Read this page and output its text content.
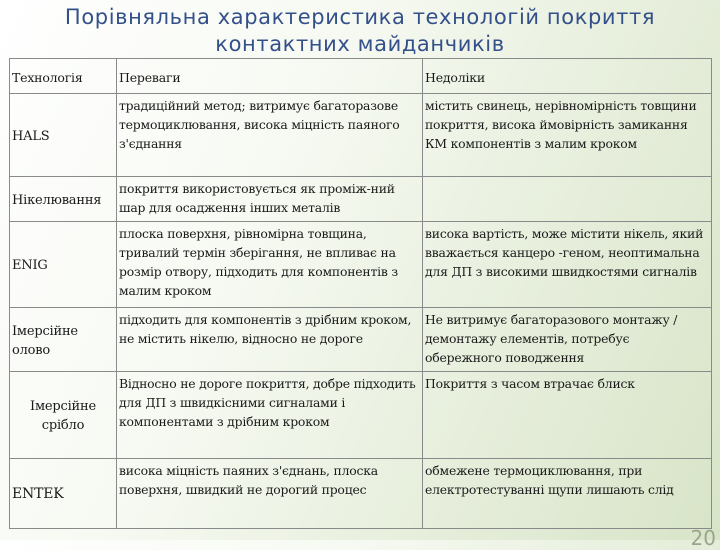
Порівняльна характеристика технологій покриття
контактних майданчиків
Технологія	Переваги	Недоліки
HALS	традиційний метод; витримує багаторазове термоциклювання, висока міцність паяного з'єднання	містить свинець, нерівномірність товщини покриття, висока ймовірність замикання КМ компонентів з малим кроком
Нікелювання	покриття використовується як проміж-ний шар для осадження інших металів	
ENIG	плоска поверхня, рівномірна товщина, тривалий термін зберігання, не впливає на розмір отвору, підходить для компонентів з малим кроком	висока вартість, може містити нікель, який вважається канцеро -геном, неоптимальна для ДП з високими швидкостями сигналів
Імерсійне олово	підходить для компонентів з дрібним кроком, не містить нікелю, відносно не дороге	Не витримує багаторазового монтажу / демонтажу елементів, потребує обережного поводження
Імерсійне срібло	Відносно не дороге покриття, добре підходить для ДП з швидкісними сигналами і компонентами з дрібним кроком	Покриття з часом втрачає блиск
ENTEK	висока міцність паяних з'єднань, плоска поверхня, швидкий не дорогий процес	обмежене термоциклювання, при електротестуванні щупи лишають слід
20
